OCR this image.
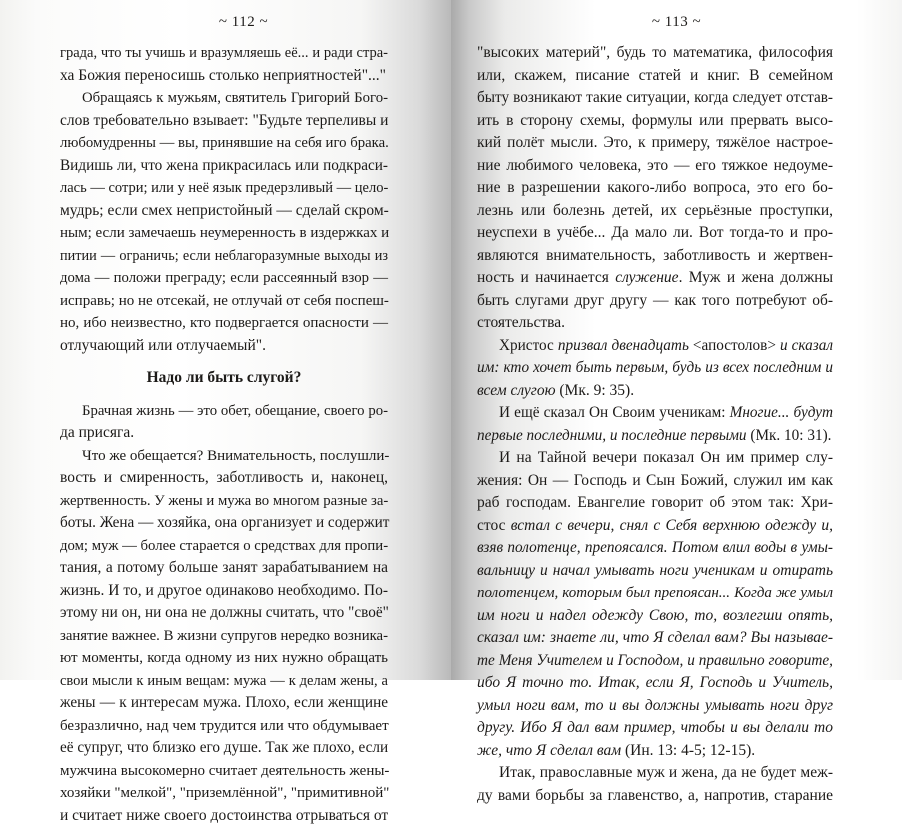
~ 112 ~
града, что ты учишь и вразумляешь её... и ради стра-
ха Божия переносишь столько неприятностей"..."
Обращаясь к мужьям, святитель Григорий Бого-
слов требовательно взывает: "Будьте терпеливы и
любомудренны — вы, принявшие на себя иго брака.
Видишь ли, что жена прикрасилась или подкраси-
лась — сотри; или у неё язык предерзливый — цело-
мудрь; если смех непристойный — сделай скром-
ным; если замечаешь неумеренность в издержках и
питии — ограничь; если неблагоразумные выходы из
дома — положи преграду; если рассеянный взор —
исправь; но не отсекай, не отлучай от себя поспеш-
но, ибо неизвестно, кто подвергается опасности —
отлучающий или отлучаемый".
Надо ли быть слугой?
Брачная жизнь — это обет, обещание, своего ро-
да присяга.
Что же обещается? Внимательность, послушли-
вость и смиренность, заботливость и, наконец,
жертвенность. У жены и мужа во многом разные за-
боты. Жена — хозяйка, она организует и содержит
дом; муж — более старается о средствах для пропи-
тания, а потому больше занят зарабатыванием на
жизнь. И то, и другое одинаково необходимо. По-
этому ни он, ни она не должны считать, что "своё"
занятие важнее. В жизни супругов нередко возника-
ют моменты, когда одному из них нужно обращать
свои мысли к иным вещам: мужа — к делам жены, а
жены — к интересам мужа. Плохо, если женщине
безразлично, над чем трудится или что обдумывает
её супруг, что близко его душе. Так же плохо, если
мужчина высокомерно считает деятельность жены-
хозяйки "мелкой", "приземлённой", "примитивной"
и считает ниже своего достоинства отрываться от
~ 113 ~
"высоких материй", будь то математика, философия
или, скажем, писание статей и книг. В семейном
быту возникают такие ситуации, когда следует отстав-
ить в сторону схемы, формулы или прервать высо-
кий полёт мысли. Это, к примеру, тяжёлое настрое-
ние любимого человека, это — его тяжкое недоуме-
ние в разрешении какого-либо вопроса, это его бо-
лезнь или болезнь детей, их серьёзные проступки,
неуспехи в учёбе... Да мало ли. Вот тогда-то и про-
являются внимательность, заботливость и жертвен-
ность и начинается служение. Муж и жена должны
быть слугами друг другу — как того потребуют об-
стоятельства.
Христос призвал двенадцать <апостолов> и сказал
им: кто хочет быть первым, будь из всех последним и
всем слугою (Мк. 9: 35).
И ещё сказал Он Своим ученикам: Многие... будут
первые последними, и последние первыми (Мк. 10: 31).
И на Тайной вечери показал Он им пример слу-
жения: Он — Господь и Сын Божий, служил им как
раб господам. Евангелие говорит об этом так: Хри-
стос встал с вечери, снял с Себя верхнюю одежду и,
взяв полотенце, препоясался. Потом влил воды в умы-
вальницу и начал умывать ноги ученикам и отирать
полотенцем, которым был препоясан... Когда же умыл
им ноги и надел одежду Свою, то, возлегши опять,
сказал им: знаете ли, что Я сделал вам? Вы называе-
те Меня Учителем и Господом, и правильно говорите,
ибо Я точно то. Итак, если Я, Господь и Учитель,
умыл ноги вам, то и вы должны умывать ноги друг
другу. Ибо Я дал вам пример, чтобы и вы делали то
же, что Я сделал вам (Ин. 13: 4-5; 12-15).
Итак, православные муж и жена, да не будет меж-
ду вами борьбы за главенство, а, напротив, старание
